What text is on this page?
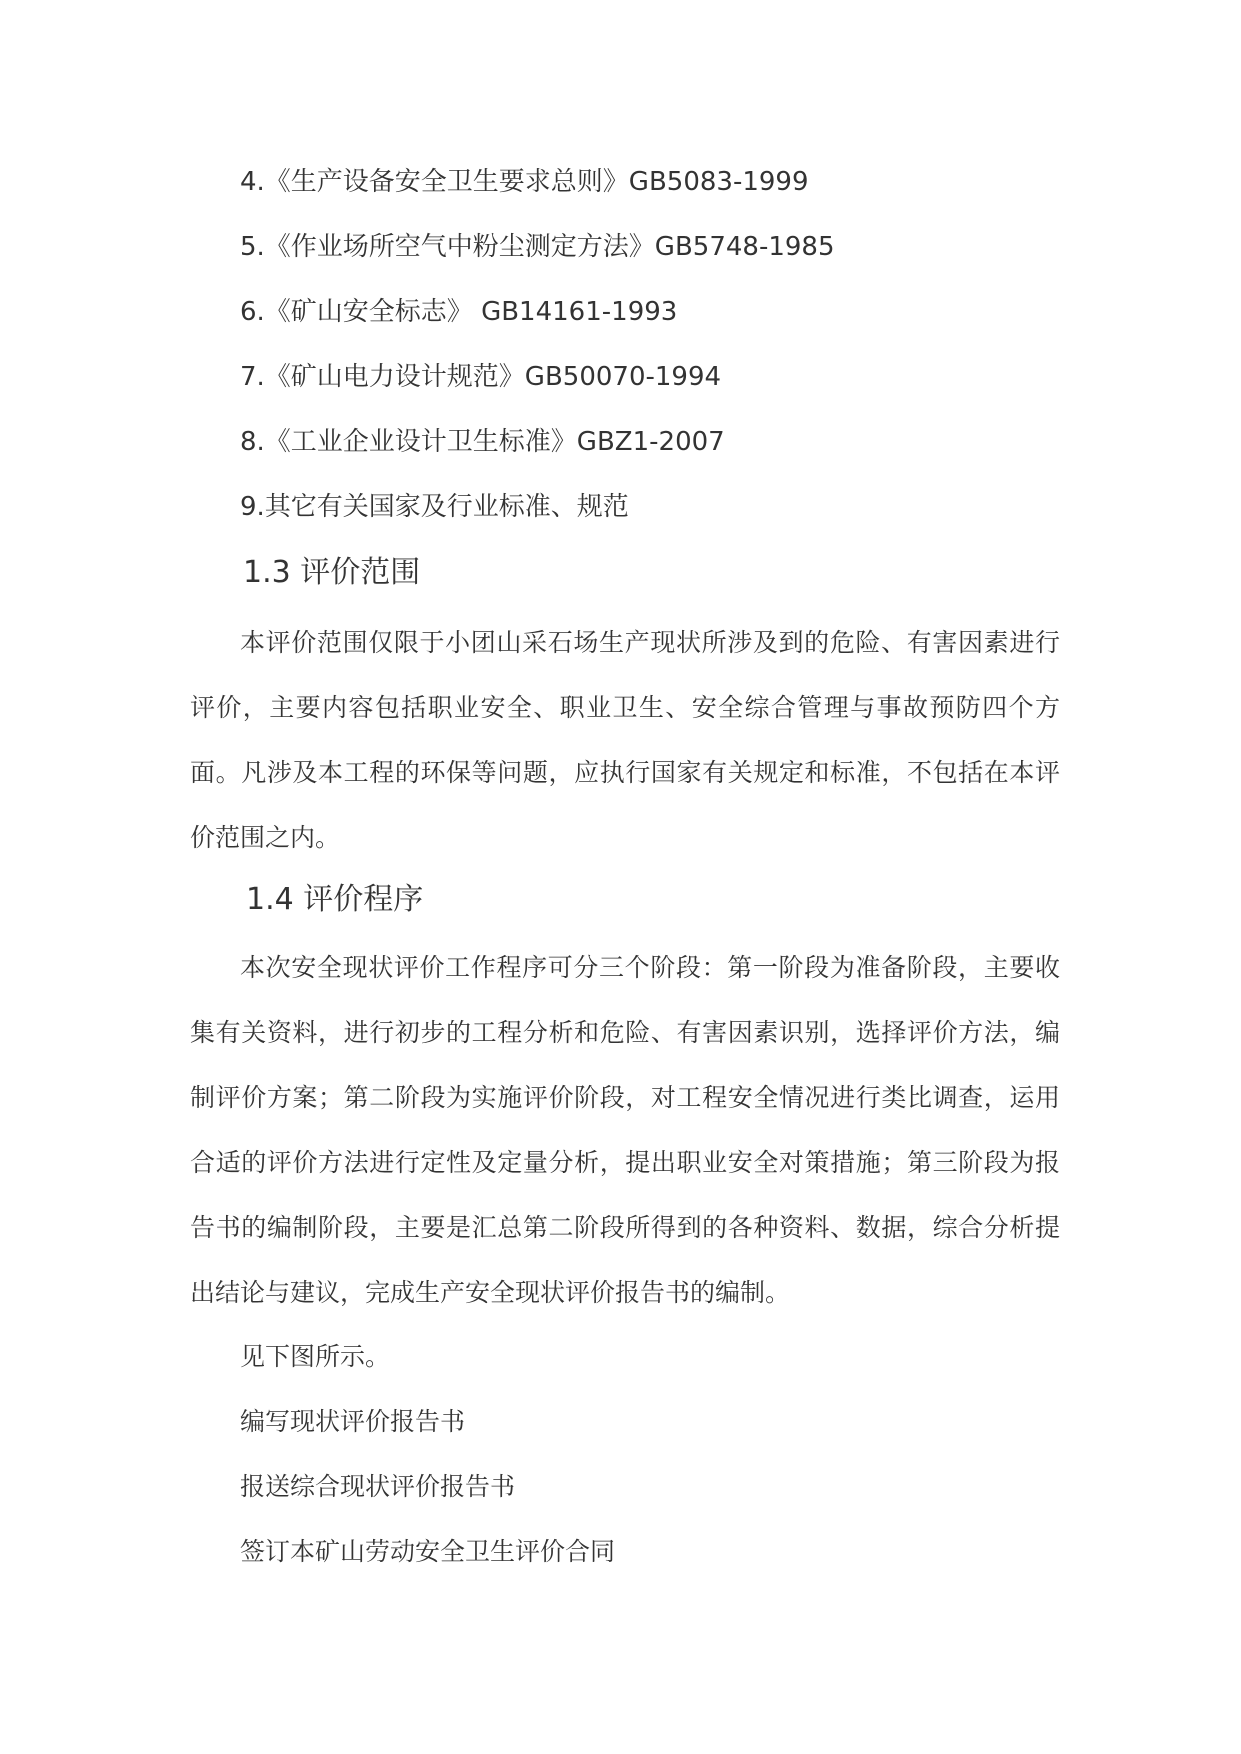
4.《生产设备安全卫生要求总则》GB5083-1999
5.《作业场所空气中粉尘测定方法》GB5748-1985
6.《矿山安全标志》 GB14161-1993
7.《矿山电力设计规范》GB50070-1994
8.《工业企业设计卫生标准》GBZ1-2007
9.其它有关国家及行业标准、规范
1.3 评价范围

本评价范围仅限于小团山采石场生产现状所涉及到的危险、有害因素进行评价，主要内容包括职业安全、职业卫生、安全综合管理与事故预防四个方面。凡涉及本工程的环保等问题，应执行国家有关规定和标准，不包括在本评价范围之内。

1.4 评价程序

本次安全现状评价工作程序可分三个阶段：第一阶段为准备阶段，主要收集有关资料，进行初步的工程分析和危险、有害因素识别，选择评价方法，编制评价方案；第二阶段为实施评价阶段，对工程安全情况进行类比调查，运用合适的评价方法进行定性及定量分析，提出职业安全对策措施；第三阶段为报告书的编制阶段，主要是汇总第二阶段所得到的各种资料、数据，综合分析提出结论与建议，完成生产安全现状评价报告书的编制。

见下图所示。
编写现状评价报告书
报送综合现状评价报告书
签订本矿山劳动安全卫生评价合同
